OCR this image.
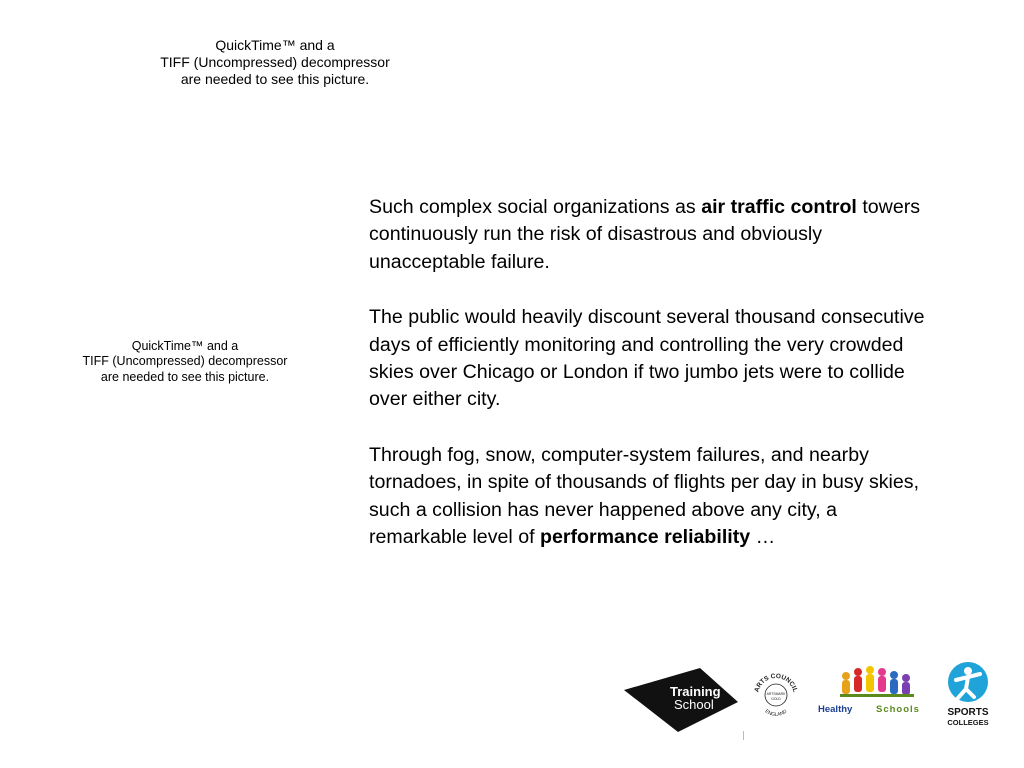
QuickTime™ and a
TIFF (Uncompressed) decompressor
are needed to see this picture.
QuickTime™ and a
TIFF (Uncompressed) decompressor
are needed to see this picture.

Such complex social organizations as air traffic control towers continuously run the risk of disastrous and obviously unacceptable failure.

The public would heavily discount several thousand consecutive days of efficiently monitoring and controlling the very crowded skies over Chicago or London if two jumbo jets were to collide over either city.

Through fog, snow, computer-system failures, and nearby tornadoes, in spite of thousands of flights per day in busy skies, such a collision has never happened above any city, a remarkable level of performance reliability …

Training
School
ARTS COUNCIL
ENGLAND
ARTSMARK
GOLD
Healthy Schools	SPORTS
COLLEGES
